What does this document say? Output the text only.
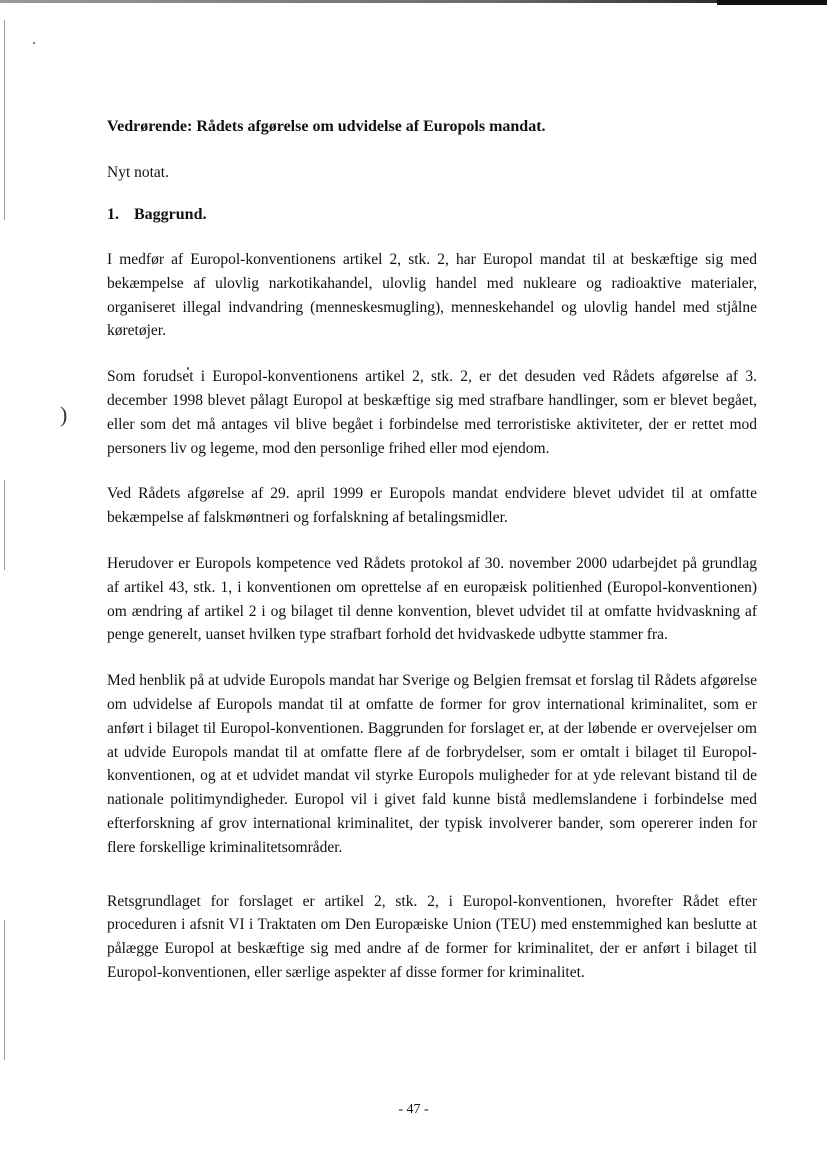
)

Vedrørende: Rådets afgørelse om udvidelse af Europols mandat.

Nyt notat.

1. Baggrund.

I medfør af Europol-konventionens artikel 2, stk. 2, har Europol mandat til at beskæftige sig med bekæmpelse af ulovlig narkotikahandel, ulovlig handel med nukleare og radioaktive materialer, organiseret illegal indvandring (menneskesmugling), menneskehandel og ulovlig handel med stjålne køretøjer.

Som forudset i Europol-konventionens artikel 2, stk. 2, er det desuden ved Rådets afgørelse af 3. december 1998 blevet pålagt Europol at beskæftige sig med strafbare handlinger, som er blevet begået, eller som det må antages vil blive begået i forbindelse med terroristiske aktiviteter, der er rettet mod personers liv og legeme, mod den personlige frihed eller mod ejendom.

Ved Rådets afgørelse af 29. april 1999 er Europols mandat endvidere blevet udvidet til at omfatte bekæmpelse af falskmøntneri og forfalskning af betalingsmidler.

Herudover er Europols kompetence ved Rådets protokol af 30. november 2000 udarbejdet på grundlag af artikel 43, stk. 1, i konventionen om oprettelse af en europæisk politienhed (Europol-konventionen) om ændring af artikel 2 i og bilaget til denne konvention, blevet udvidet til at omfatte hvidvaskning af penge generelt, uanset hvilken type strafbart forhold det hvidvaskede udbytte stammer fra.

Med henblik på at udvide Europols mandat har Sverige og Belgien fremsat et forslag til Rådets afgørelse om udvidelse af Europols mandat til at omfatte de former for grov international kriminalitet, som er anført i bilaget til Europol-konventionen. Baggrunden for forslaget er, at der løbende er overvejelser om at udvide Europols mandat til at omfatte flere af de forbrydelser, som er omtalt i bilaget til Europol-konventionen, og at et udvidet mandat vil styrke Europols muligheder for at yde relevant bistand til de nationale politimyndigheder. Europol vil i givet fald kunne bistå medlemslandene i forbindelse med efterforskning af grov international kriminalitet, der typisk involverer bander, som opererer inden for flere forskellige kriminalitetsområder.

Retsgrundlaget for forslaget er artikel 2, stk. 2, i Europol-konventionen, hvorefter Rådet efter proceduren i afsnit VI i Traktaten om Den Europæiske Union (TEU) med enstemmighed kan beslutte at pålægge Europol at beskæftige sig med andre af de former for kriminalitet, der er anført i bilaget til Europol-konventionen, eller særlige aspekter af disse former for kriminalitet.

- 47 -
